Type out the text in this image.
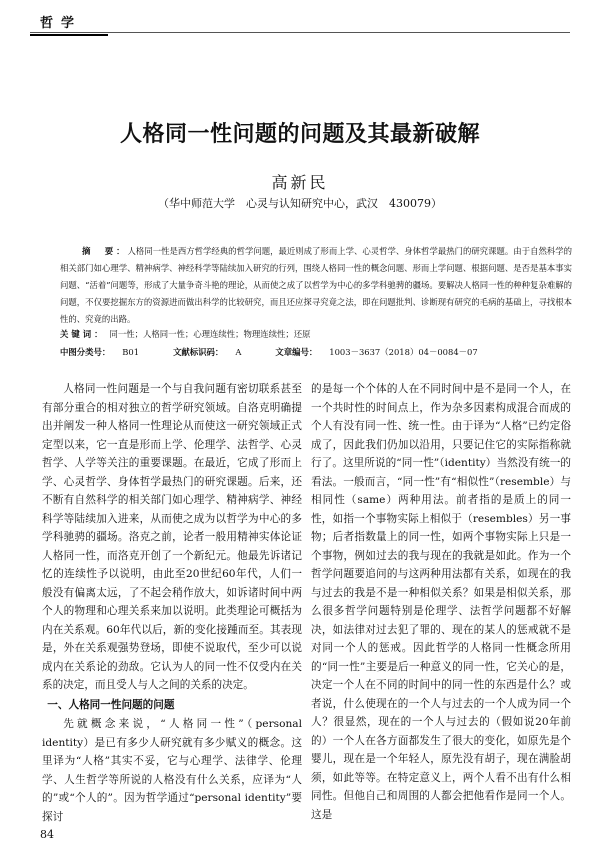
哲学
人格同一性问题的问题及其最新破解
高新民
（华中师范大学　心灵与认知研究中心，武汉　430079）
摘　要：人格同一性是西方哲学经典的哲学问题，最近则成了形而上学、心灵哲学、身体哲学最热门的研究课题。由于自然科学的相关部门如心理学、精神病学、神经科学等陆续加入研究的行列，围绕人格同一性的概念问题、形而上学问题、根据问题、是否是基本事实问题、“活着”问题等，形成了大量争奇斗艳的理论，从而使之成了以哲学为中心的多学科驰骋的疆场。要解决人格同一性的种种复杂难解的问题，不仅要挖掘东方的资源进而做出科学的比较研究，而且还应探寻究竟之法，即在问题批判、诊断现有研究的毛病的基础上，寻找根本性的、究竟的出路。
关键词： 同一性；人格同一性；心理连续性；物理连续性；还原
中图分类号： B01	文献标识码： A	文章编号： 1003－3637（2018）04－0084－07

人格同一性问题是一个与自我问题有密切联系甚至有部分重合的相对独立的哲学研究领域。自洛克明确提出并阐发一种人格同一性理论从而使这一研究领域正式定型以来，它一直是形而上学、伦理学、法哲学、心灵哲学、人学等关注的重要课题。在最近，它成了形而上学、心灵哲学、身体哲学最热门的研究课题。后来，还不断有自然科学的相关部门如心理学、精神病学、神经科学等陆续加入进来，从而使之成为以哲学为中心的多学科驰骋的疆场。洛克之前，论者一般用精神实体论证人格同一性，而洛克开创了一个新纪元。他最先诉诸记忆的连续性予以说明，由此至20世纪60年代，人们一般没有偏离太远，了不起会稍作放大，如诉诸时间中两个人的物理和心理关系来加以说明。此类理论可概括为内在关系观。60年代以后，新的变化接踵而至。其表现是，外在关系观强势登场，即使不说取代，至少可以说成内在关系论的劲敌。它认为人的同一性不仅受内在关系的决定，而且受人与人之间的关系的决定。

一、人格同一性问题的问题

先就概念来说，“人格同一性”（personal identity）是已有多少人研究就有多少赋义的概念。这里译为“人格”其实不妥，它与心理学、法律学、伦理学、人生哲学等所说的人格没有什么关系，应译为“人的”或“个人的”。因为哲学通过“personal identity”要探讨

的是每一个个体的人在不同时间中是不是同一个人，在一个共时性的时间点上，作为杂多因素构成混合而成的个人有没有同一性、统一性。由于译为“人格”已约定俗成了，因此我们仍加以沿用，只要记住它的实际指称就行了。这里所说的“同一性”（identity）当然没有统一的看法。一般而言，“同一性”有“相似性”（resemble）与相同性（same）两种用法。前者指的是质上的同一性，如指一个事物实际上相似于（resembles）另一事物；后者指数量上的同一性，如两个事物实际上只是一个事物，例如过去的我与现在的我就是如此。作为一个哲学问题要追问的与这两种用法都有关系，如现在的我与过去的我是不是一种相似关系？如果是相似关系，那么很多哲学问题特别是伦理学、法哲学问题都不好解决，如法律对过去犯了罪的、现在的某人的惩戒就不是对同一个人的惩戒。因此哲学的人格同一性概念所用的“同一性”主要是后一种意义的同一性，它关心的是，决定一个人在不同的时间中的同一性的东西是什么？或者说，什么使现在的一个人与过去的一个人成为同一个人？很显然，现在的一个人与过去的（假如说20年前的）一个人在各方面都发生了很大的变化，如原先是个婴儿，现在是一个年轻人，原先没有胡子，现在满脸胡须，如此等等。在特定意义上，两个人看不出有什么相同性。但他自己和周围的人都会把他看作是同一个人。这是

84
